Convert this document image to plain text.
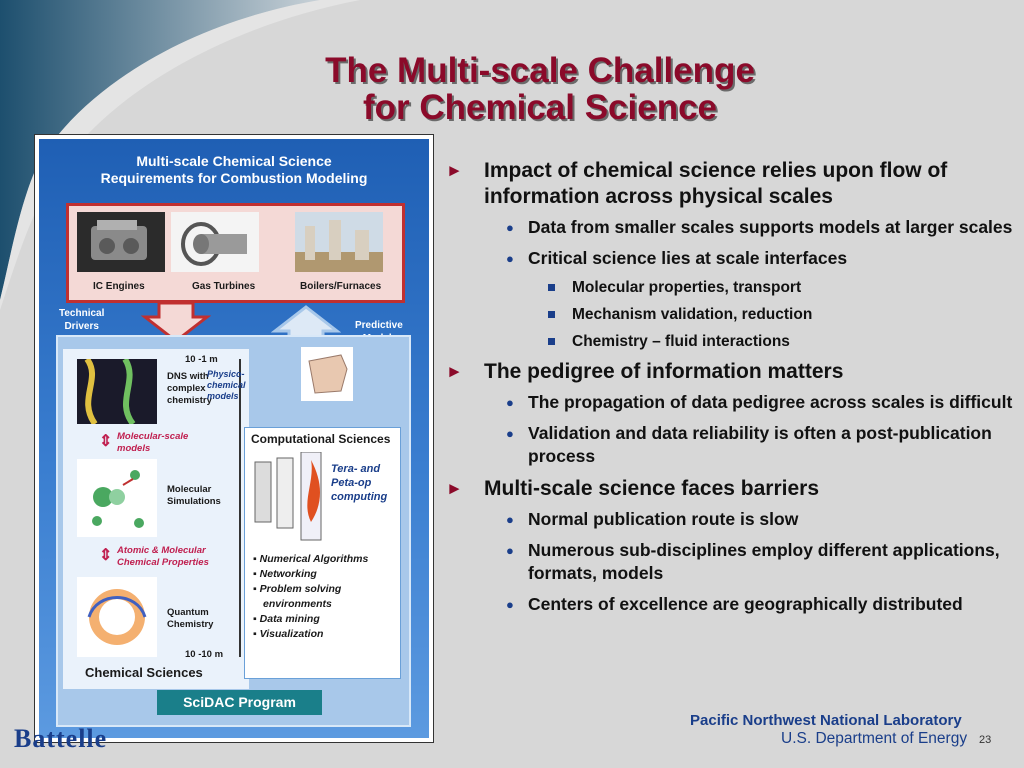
The Multi-scale Challenge
for Chemical Science
Multi-scale Chemical Science
Requirements for Combustion Modeling
IC Engines	Gas Turbines	Boilers/Furnaces
Technical
Drivers	Predictive
DNS with
complex
chemistry
10 -1 m
⇕ Molecular-scale
models
Molecular
Simulations
⇕ Atomic & Molecular
Chemical Properties
Quantum
Chemistry
10 -10 m
Chemical Sciences
Physico-
chemical
models
Computational Sciences
Tera- and
Peta-op
computing
▪ Numerical Algorithms
▪ Networking
▪ Problem solving
environments
▪ Data mining
▪ Visualization
SciDAC Program
► Impact of chemical science relies upon flow of information across physical scales
● Data from smaller scales supports models at larger scales
● Critical science lies at scale interfaces
Molecular properties, transport
Mechanism validation, reduction
Chemistry – fluid interactions
► The pedigree of information matters
● The propagation of data pedigree across scales is difficult
● Validation and data reliability is often a post-publication process
► Multi-scale science faces barriers
● Normal publication route is slow
● Numerous sub-disciplines employ different applications, formats, models
● Centers of excellence are geographically distributed
Battelle
Pacific Northwest National Laboratory
U.S. Department of Energy 23
